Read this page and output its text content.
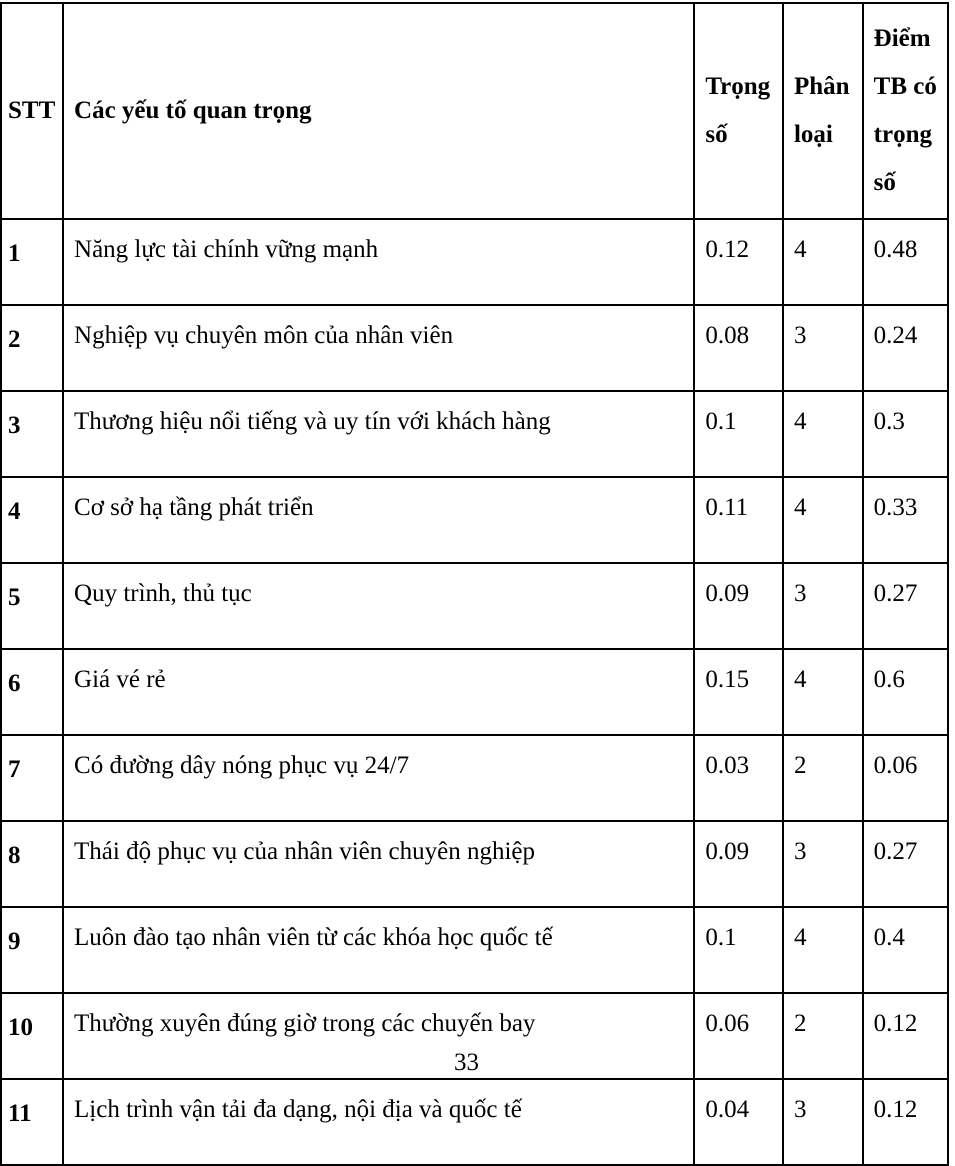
STT	Các yếu tố quan trọng	Trọng số	Phân loại	Điểm TB có trọng số
1	Năng lực tài chính vững mạnh	0.12	4	0.48
2	Nghiệp vụ chuyên môn của nhân viên	0.08	3	0.24
3	Thương hiệu nổi tiếng và uy tín với khách hàng	0.1	4	0.3
4	Cơ sở hạ tầng phát triển	0.11	4	0.33
5	Quy trình, thủ tục	0.09	3	0.27
6	Giá vé rẻ	0.15	4	0.6
7	Có đường dây nóng phục vụ 24/7	0.03	2	0.06
8	Thái độ phục vụ của nhân viên chuyên nghiệp	0.09	3	0.27
9	Luôn đào tạo nhân viên từ các khóa học quốc tế	0.1	4	0.4
10	Thường xuyên đúng giờ trong các chuyến bay	0.06	2	0.12
11	Lịch trình vận tải đa dạng, nội địa và quốc tế	0.04	3	0.12
33
